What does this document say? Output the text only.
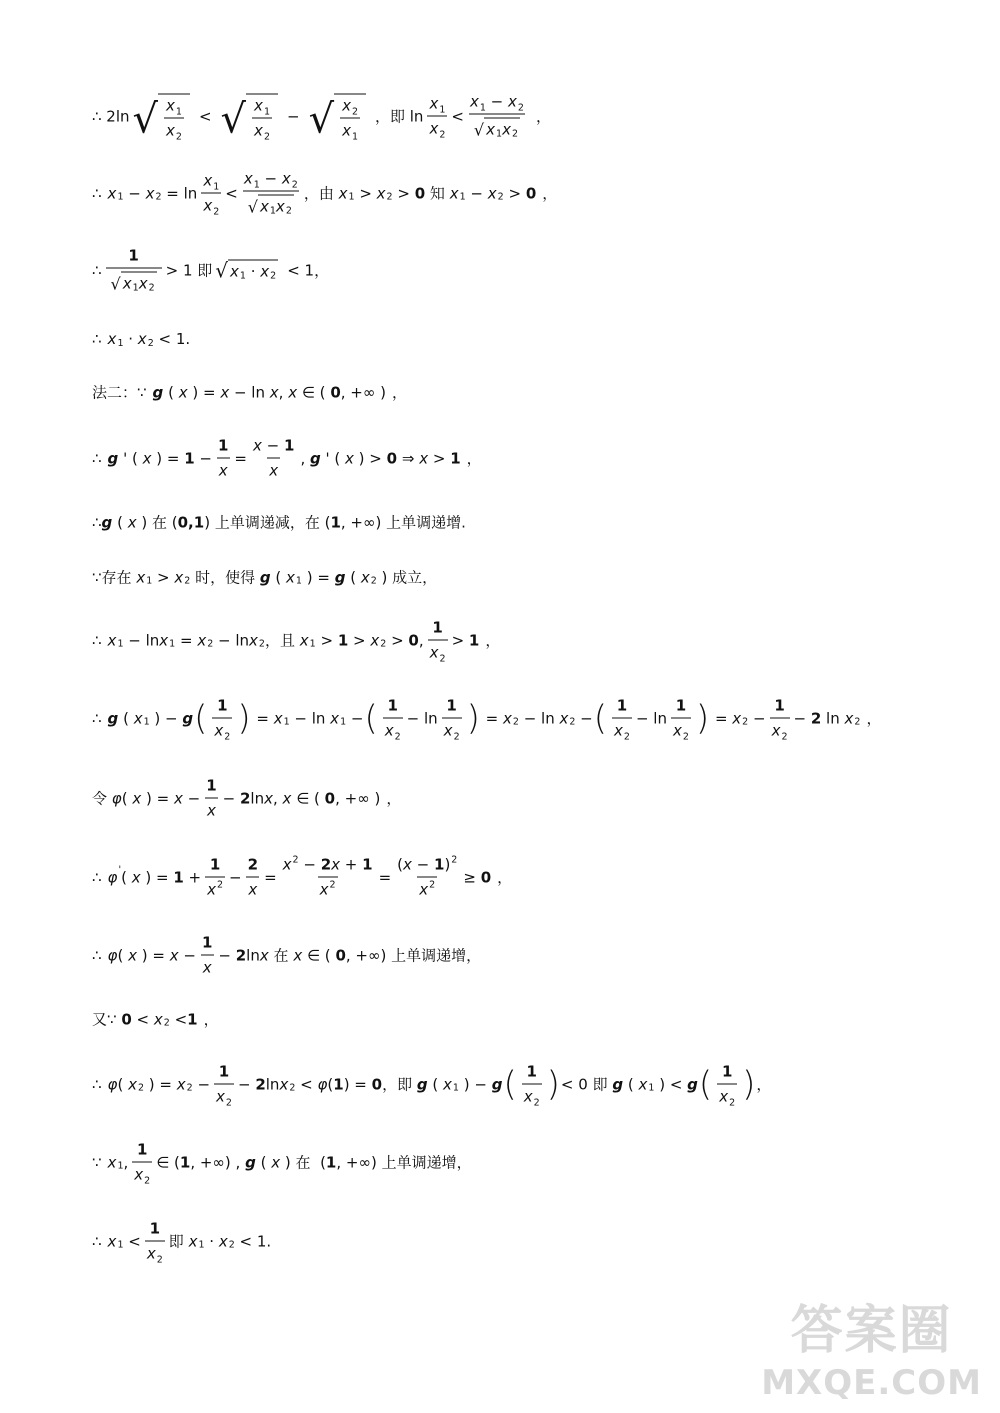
∴ 2ln √ $\frac{x_1}{x_2}$ < √ $\frac{x_1}{x_2}$ − √ $\frac{x_2}{x_1}$ ，即 $\ln \frac{x_1}{x_2} < \frac{x_1 - x_2}{√ x 1 x 2}$ ，
∴ x 1 − x $2 = \ln \frac{x_1}{x_2} < \frac{x_1 - x_2}{√ x 1 x 2}$ ，由
x 1 > x 2 > 0
知
x 1 − x 2 > 0 ，
∴ $\frac{1}{√ x 1 x 2} > 1$ 即 √ x 1 · x 2 < 1，
∴ x 1 · x 2
< 1.
法二：∵ g ( x ) = x − ln x , x ∈ ( 0 , +∞ ) ，
∴ g ' ( x ) = $1 - \frac{1}{x} = \frac{x - 1}{x}$ , g ' ( x ) > 0 ⇒ x > 1 ，
∴ g ( x ) 在 ( 0,1 ) 上单调递减，在 ( 1 , +∞) 上单调递增.
∵存在
x 1 > x 2
时，使得
g ( x 1 ) = g ( x 2 ) 成立，
∴ x 1 − ln x 1 = x 2 − ln x 2 ，且
x 1 > 1 > x 2 > 0 , $\frac{1}{x_2} > 1$ ，
∴ g ( x 1 ) − g ( $\frac{1}{x_2}$ ) = x 1 − ln x 1 − ( $\frac{1}{x_2} - \ln \frac{1}{x_2}$ ) = x 2 − ln x 2 − ( $\frac{1}{x_2} - \ln \frac{1}{x_2}$ ) = x $2 - \frac{1}{x_2} - 2$ ln x 2 ，
令
φ ( x ) = $x - \frac{1}{x} - 2$ ln x , x ∈ ( 0 , +∞ ) ，
∴ φ ' ( x ) = $1 + \frac{1}{x^2} - \frac{2}{x} = \frac{x^2 - 2x + 1}{x^2} = \frac{(x - 1)^2}{x^2} \ge 0$ ，
∴ φ ( x ) = $x - \frac{1}{x} - 2$ ln x
在
x ∈ ( 0 , +∞) 上单调递增，
又∵
0 < x 2 < 1 ，
∴ φ ( x 2 ) = x $2 - \frac{1}{x_2} - 2$ ln x 2 < φ ( 1 ) = 0 ，即
g ( x 1 ) − g ( $\frac{1}{x_2}$ ) < 0 即
g ( x 1 ) < g ( $\frac{1}{x_2}$ ) ，
∵ x 1 , $\frac{1}{x_2}$ ∈ ( 1 , +∞) , g ( x ) 在 ( 1 , +∞) 上单调递增，
∴ x $1 < \frac{1}{x_2}$ 即
x 1 · x 2
< 1.
答案圈
MXQE.COM
